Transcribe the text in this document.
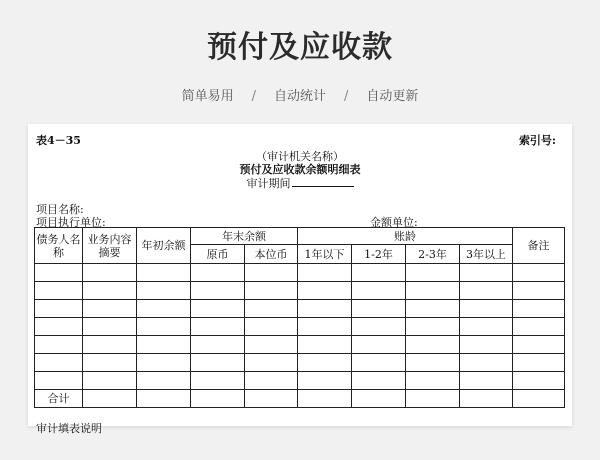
预付及应收款
简单易用 / 自动统计 / 自动更新
表4－35	索引号:
（审计机关名称）
预付及应收款余额明细表
审计期间
项目名称:
项目执行单位:	金额单位:
债务人名称	业务内容摘要	年初余额	年末余额		账龄				备注
			原币	本位币	1年以下	1-2年	2-3年	3年以上	

合计									
审计填表说明
